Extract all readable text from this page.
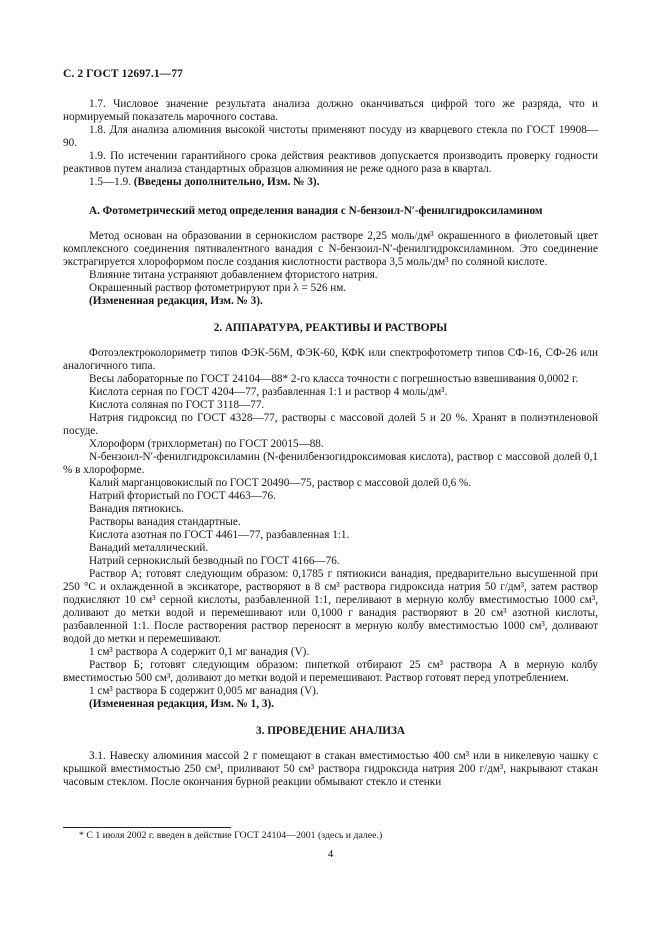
С. 2 ГОСТ 12697.1—77

1.7. Числовое значение результата анализа должно оканчиваться цифрой того же разряда, что и нормируемый показатель марочного состава.

1.8. Для анализа алюминия высокой чистоты применяют посуду из кварцевого стекла по ГОСТ 19908—90.

1.9. По истечении гарантийного срока действия реактивов допускается производить проверку годности реактивов путем анализа стандартных образцов алюминия не реже одного раза в квартал.

1.5—1.9. (Введены дополнительно, Изм. № 3).

А. Фотометрический метод определения ванадия с N-бензоил-N′-фенилгидроксиламином

Метод основан на образовании в сернокислом растворе 2,25 моль/дм³ окрашенного в фиолетовый цвет комплексного соединения пятивалентного ванадия с N-бензоил-N′-фенилгидроксиламином. Это соединение экстрагируется хлороформом после создания кислотности раствора 3,5 моль/дм³ по соляной кислоте.

Влияние титана устраняют добавлением фтористого натрия.

Окрашенный раствор фотометрируют при λ = 526 нм.

(Измененная редакция, Изм. № 3).

2. АППАРАТУРА, РЕАКТИВЫ И РАСТВОРЫ

Фотоэлектроколориметр типов ФЭК-56М, ФЭК-60, КФК или спектрофотометр типов СФ-16, СФ-26 или аналогичного типа.

Весы лабораторные по ГОСТ 24104—88* 2-го класса точности с погрешностью взвешивания 0,0002 г.

Кислота серная по ГОСТ 4204—77, разбавленная 1:1 и раствор 4 моль/дм³.

Кислота соляная по ГОСТ 3118—77.

Натрия гидроксид по ГОСТ 4328—77, растворы с массовой долей 5 и 20 %. Хранят в полиэтиленовой посуде.

Хлороформ (трихлорметан) по ГОСТ 20015—88.

N-бензоил-N′-фенилгидроксиламин (N-фенилбензогидроксимовая кислота), раствор с массовой долей 0,1 % в хлороформе.

Калий марганцовокислый по ГОСТ 20490—75, раствор с массовой долей 0,6 %.

Натрий фтористый по ГОСТ 4463—76.

Ванадия пятиокись.

Растворы ванадия стандартные.

Кислота азотная по ГОСТ 4461—77, разбавленная 1:1.

Ванадий металлический.

Натрий сернокислый безводный по ГОСТ 4166—76.

Раствор А; готовят следующим образом: 0,1785 г пятиокиси ванадия, предварительно высушенной при 250 °С и охлажденной в эксикаторе, растворяют в 8 см³ раствора гидроксида натрия 50 г/дм³, затем раствор подкисляют 10 см³ серной кислоты, разбавленной 1:1, переливают в мерную колбу вместимостью 1000 см³, доливают до метки водой и перемешивают или 0,1000 г ванадия растворяют в 20 см³ азотной кислоты, разбавленной 1:1. После растворения раствор переносят в мерную колбу вместимостью 1000 см³, доливают водой до метки и перемешивают.

1 см³ раствора А содержит 0,1 мг ванадия (V).

Раствор Б; готовят следующим образом: пипеткой отбирают 25 см³ раствора А в мерную колбу вместимостью 500 см³, доливают до метки водой и перемешивают. Раствор готовят перед употреблением.

1 см³ раствора Б содержит 0,005 мг ванадия (V).

(Измененная редакция, Изм. № 1, 3).

3. ПРОВЕДЕНИЕ АНАЛИЗА

3.1. Навеску алюминия массой 2 г помещают в стакан вместимостью 400 см³ или в никелевую чашку с крышкой вместимостью 250 см³, приливают 50 см³ раствора гидроксида натрия 200 г/дм³, накрывают стакан часовым стеклом. После окончания бурной реакции обмывают стекло и стенки

* С 1 июля 2002 г. введен в действие ГОСТ 24104—2001 (здесь и далее.)
4
